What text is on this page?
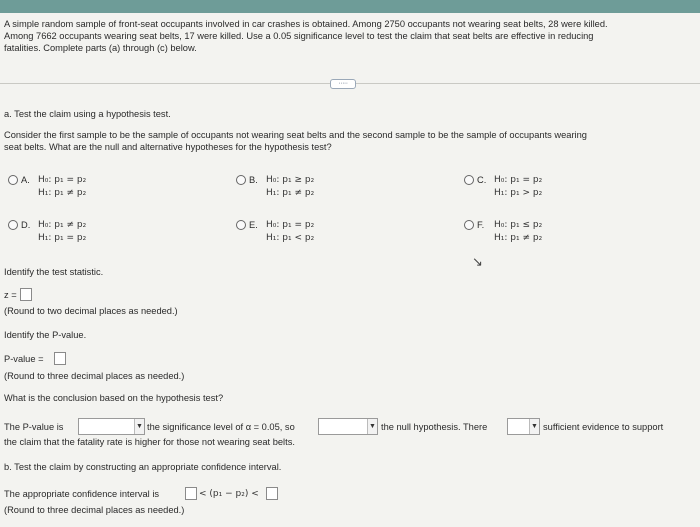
A simple random sample of front-seat occupants involved in car crashes is obtained. Among 2750 occupants not wearing seat belts, 28 were killed.
Among 7662 occupants wearing seat belts, 17 were killed. Use a 0.05 significance level to test the claim that seat belts are effective in reducing
fatalities. Complete parts (a) through (c) below.
·····
a. Test the claim using a hypothesis test.
Consider the first sample to be the sample of occupants not wearing seat belts and the second sample to be the sample of occupants wearing
seat belts. What are the null and alternative hypotheses for the hypothesis test?
A. H₀: p₁ = p₂
H₁: p₁ ≠ p₂
B. H₀: p₁ ≥ p₂
H₁: p₁ ≠ p₂
C. H₀: p₁ = p₂
H₁: p₁ > p₂
D. H₀: p₁ ≠ p₂
H₁: p₁ = p₂
E. H₀: p₁ = p₂
H₁: p₁ < p₂
F. H₀: p₁ ≤ p₂
H₁: p₁ ≠ p₂
↘
Identify the test statistic.
z =
(Round to two decimal places as needed.)
Identify the P-value.
P-value =
(Round to three decimal places as needed.)
What is the conclusion based on the hypothesis test?
The P-value is	▼ the significance level of α = 0.05, so	▼ the null hypothesis. There	▼ sufficient evidence to support
the claim that the fatality rate is higher for those not wearing seat belts.
b. Test the claim by constructing an appropriate confidence interval.
The appropriate confidence interval is	< (p₁ − p₂) <
(Round to three decimal places as needed.)
